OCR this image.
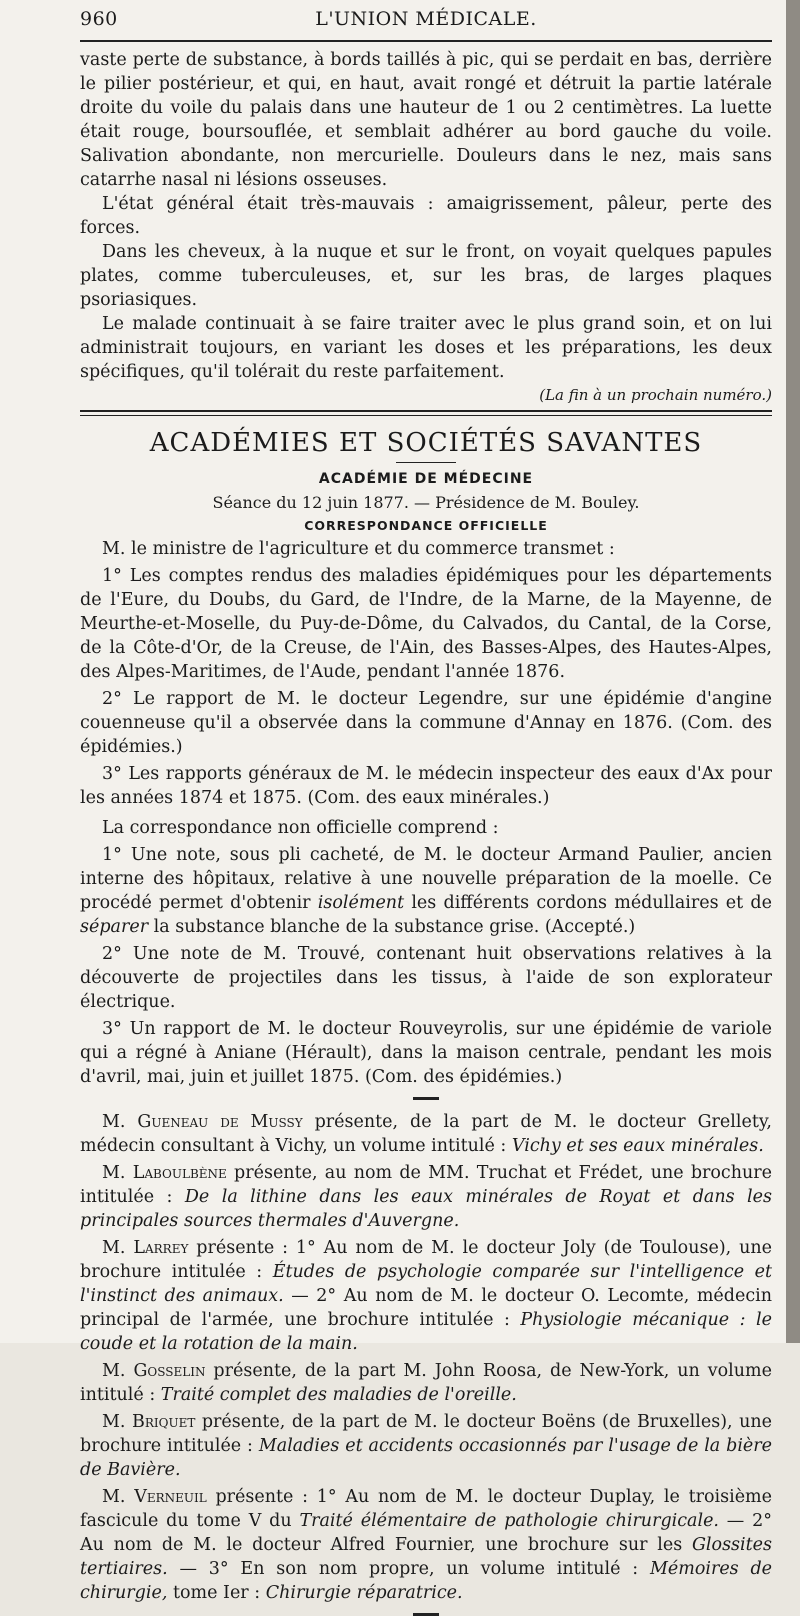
960	L'UNION MÉDICALE.

vaste perte de substance, à bords taillés à pic, qui se perdait en bas, derrière le pilier postérieur, et qui, en haut, avait rongé et détruit la partie latérale droite du voile du palais dans une hauteur de 1 ou 2 centimètres. La luette était rouge, boursouflée, et semblait adhérer au bord gauche du voile. Salivation abondante, non mercurielle. Douleurs dans le nez, mais sans catarrhe nasal ni lésions osseuses.

L'état général était très-mauvais : amaigrissement, pâleur, perte des forces.

Dans les cheveux, à la nuque et sur le front, on voyait quelques papules plates, comme tuberculeuses, et, sur les bras, de larges plaques psoriasiques.

Le malade continuait à se faire traiter avec le plus grand soin, et on lui administrait toujours, en variant les doses et les préparations, les deux spécifiques, qu'il tolérait du reste parfaitement.

(La fin à un prochain numéro.)
ACADÉMIES ET SOCIÉTÉS SAVANTES
ACADÉMIE DE MÉDECINE
Séance du 12 juin 1877. — Présidence de M. Bouley.
CORRESPONDANCE OFFICIELLE

M. le ministre de l'agriculture et du commerce transmet :

1° Les comptes rendus des maladies épidémiques pour les départements de l'Eure, du Doubs, du Gard, de l'Indre, de la Marne, de la Mayenne, de Meurthe-et-Moselle, du Puy-de-Dôme, du Calvados, du Cantal, de la Corse, de la Côte-d'Or, de la Creuse, de l'Ain, des Basses-Alpes, des Hautes-Alpes, des Alpes-Maritimes, de l'Aude, pendant l'année 1876.

2° Le rapport de M. le docteur Legendre, sur une épidémie d'angine couenneuse qu'il a observée dans la commune d'Annay en 1876. (Com. des épidémies.)

3° Les rapports généraux de M. le médecin inspecteur des eaux d'Ax pour les années 1874 et 1875. (Com. des eaux minérales.)

La correspondance non officielle comprend :

1° Une note, sous pli cacheté, de M. le docteur Armand Paulier, ancien interne des hôpitaux, relative à une nouvelle préparation de la moelle. Ce procédé permet d'obtenir isolément les différents cordons médullaires et de séparer la substance blanche de la substance grise. (Accepté.)

2° Une note de M. Trouvé, contenant huit observations relatives à la découverte de projectiles dans les tissus, à l'aide de son explorateur électrique.

3° Un rapport de M. le docteur Rouveyrolis, sur une épidémie de variole qui a régné à Aniane (Hérault), dans la maison centrale, pendant les mois d'avril, mai, juin et juillet 1875. (Com. des épidémies.)

M. Gueneau de Mussy présente, de la part de M. le docteur Grellety, médecin consultant à Vichy, un volume intitulé : Vichy et ses eaux minérales.

M. Laboulbène présente, au nom de MM. Truchat et Frédet, une brochure intitulée : De la lithine dans les eaux minérales de Royat et dans les principales sources thermales d'Auvergne.

M. Larrey présente : 1° Au nom de M. le docteur Joly (de Toulouse), une brochure intitulée : Études de psychologie comparée sur l'intelligence et l'instinct des animaux. — 2° Au nom de M. le docteur O. Lecomte, médecin principal de l'armée, une brochure intitulée : Physiologie mécanique : le coude et la rotation de la main.

M. Gosselin présente, de la part M. John Roosa, de New-York, un volume intitulé : Traité complet des maladies de l'oreille.

M. Briquet présente, de la part de M. le docteur Boëns (de Bruxelles), une brochure intitulée : Maladies et accidents occasionnés par l'usage de la bière de Bavière.

M. Verneuil présente : 1° Au nom de M. le docteur Duplay, le troisième fascicule du tome V du Traité élémentaire de pathologie chirurgicale. — 2° Au nom de M. le docteur Alfred Fournier, une brochure sur les Glossites tertiaires. — 3° En son nom propre, un volume intitulé : Mémoires de chirurgie, tome Ier : Chirurgie réparatrice.
